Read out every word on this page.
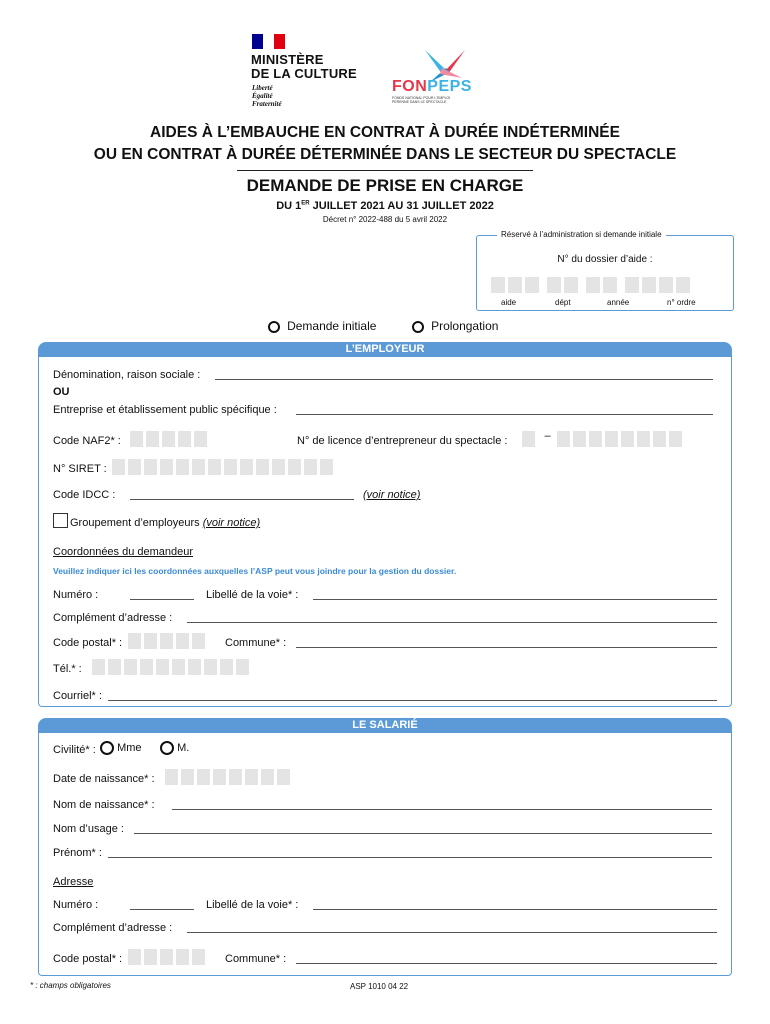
MINISTÈRE
DE LA CULTURE
Liberté
Égalité
Fraternité
FONPEPS
FONDS NATIONAL POUR L'EMPLOI
PERENNE DANS LE SPECTACLE
AIDES À L’EMBAUCHE EN CONTRAT À DURÉE INDÉTERMINÉE
OU EN CONTRAT À DURÉE DÉTERMINÉE DANS LE SECTEUR DU SPECTACLE
DEMANDE DE PRISE EN CHARGE
DU 1ER JUILLET 2021 AU 31 JUILLET 2022
Décret n° 2022-488 du 5 avril 2022
Réservé à l’administration si demande initiale
N° du dossier d’aide :
aide	dépt	année	n° ordre
Demande initiale	Prolongation
L’EMPLOYEUR
Dénomination, raison sociale :
OU
Entreprise et établissement public spécifique :
Code NAF2* :	N° de licence d’entrepreneur du spectacle :	–
N° SIRET :
Code IDCC :	(voir notice)
Groupement d’employeurs (voir notice)
Coordonnées du demandeur
Veuillez indiquer ici les coordonnées auxquelles l’ASP peut vous joindre pour la gestion du dossier.
Numéro :	Libellé de la voie* :
Complément d’adresse :
Code postal* :	Commune* :
Tél.* :
Courriel* :
LE SALARIÉ
Civilité* :	Mme	M.
Date de naissance* :
Nom de naissance* :
Nom d’usage :
Prénom* :
Adresse
Numéro :	Libellé de la voie* :
Complément d’adresse :
Code postal* :	Commune* :
* : champs obligatoires	ASP 1010 04 22
